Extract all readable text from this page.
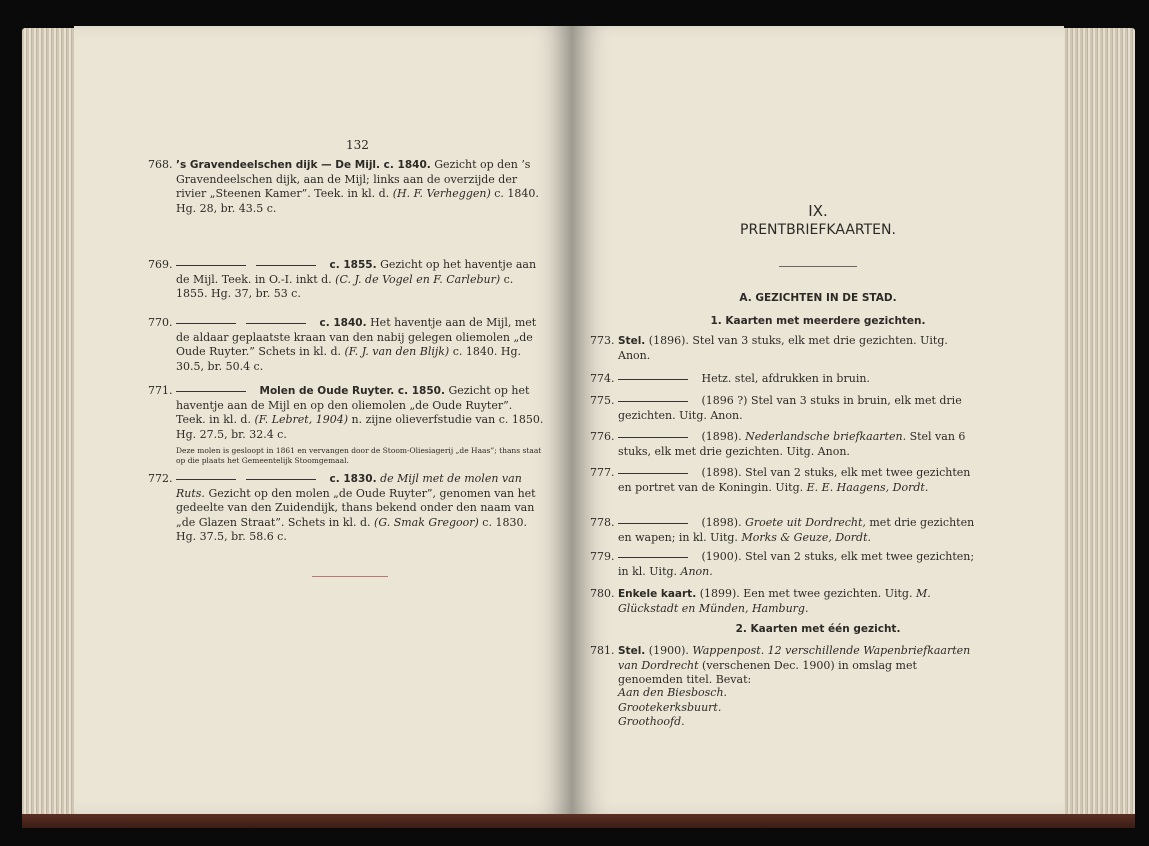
132
768. ’s Gravendeelschen dijk — De Mijl. c. 1840. Gezicht op den ’s Gravendeelschen dijk, aan de Mijl; links aan de overzijde der rivier „Steenen Kamer”. Teek. in kl. d. (H. F. Verheggen) c. 1840. Hg. 28, br. 43.5 c.
769.	c. 1855. Gezicht op het haventje aan de Mijl. Teek. in O.-I. inkt d. (C. J. de Vogel en F. Carlebur) c. 1855. Hg. 37, br. 53 c.
770.	c. 1840. Het haventje aan de Mijl, met de aldaar geplaatste kraan van den nabij gelegen oliemolen „de Oude Ruyter.” Schets in kl. d. (F. J. van den Blijk) c. 1840. Hg. 30.5, br. 50.4 c.
771.	Molen de Oude Ruyter. c. 1850. Gezicht op het haventje aan de Mijl en op den oliemolen „de Oude Ruyter”. Teek. in kl. d. (F. Lebret, 1904) n. zijne olieverfstudie van c. 1850. Hg. 27.5, br. 32.4 c.
Deze molen is gesloopt in 1861 en vervangen door de Stoom-Oliesiagerij „de Haas”; thans staat op die plaats het Gemeentelijk Stoomgemaal.
772.	c. 1830. de Mijl met de molen van Ruts. Gezicht op den molen „de Oude Ruyter”, genomen van het gedeelte van den Zuidendijk, thans bekend onder den naam van „de Glazen Straat”. Schets in kl. d. (G. Smak Gregoor) c. 1830. Hg. 37.5, br. 58.6 c.
IX.
PRENTBRIEFKAARTEN.
A. GEZICHTEN IN DE STAD.
1. Kaarten met meerdere gezichten.
773. Stel. (1896). Stel van 3 stuks, elk met drie gezichten. Uitg. Anon.
774.	Hetz. stel, afdrukken in bruin.
775.	(1896 ?) Stel van 3 stuks in bruin, elk met drie gezichten. Uitg. Anon.
776.	(1898). Nederlandsche briefkaarten. Stel van 6 stuks, elk met drie gezichten. Uitg. Anon.
777.	(1898). Stel van 2 stuks, elk met twee gezichten en portret van de Koningin. Uitg. E. E. Haagens, Dordt.
778.	(1898). Groete uit Dordrecht, met drie gezichten en wapen; in kl. Uitg. Morks & Geuze, Dordt.
779.	(1900). Stel van 2 stuks, elk met twee gezichten; in kl. Uitg. Anon.
780. Enkele kaart. (1899). Een met twee gezichten. Uitg. M. Glückstadt en Münden, Hamburg.
2. Kaarten met één gezicht.
781. Stel. (1900). Wappenpost. 12 verschillende Wapenbriefkaarten van Dordrecht (verschenen Dec. 1900) in omslag met genoemden titel. Bevat:
Aan den Biesbosch.
Grootekerksbuurt.
Groothoofd.
